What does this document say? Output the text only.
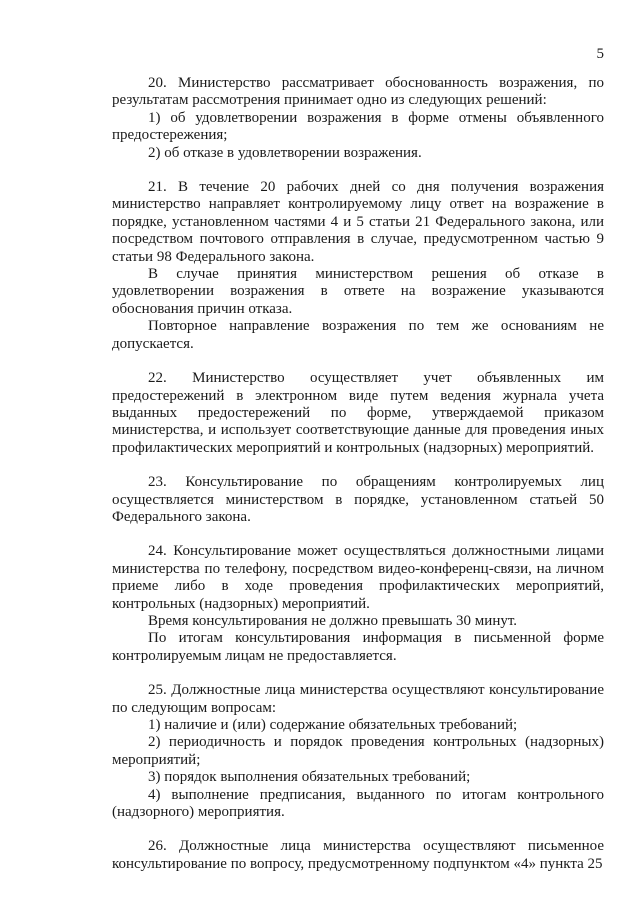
5

20. Министерство рассматривает обоснованность возражения, по результатам рассмотрения принимает одно из следующих решений:

1) об удовлетворении возражения в форме отмены объявленного предостережения;

2) об отказе в удовлетворении возражения.

21. В течение 20 рабочих дней со дня получения возражения министерство направляет контролируемому лицу ответ на возражение в порядке, установленном частями 4 и 5 статьи 21 Федерального закона, или посредством почтового отправления в случае, предусмотренном частью 9 статьи 98 Федерального закона.

В случае принятия министерством решения об отказе в удовлетворении возражения в ответе на возражение указываются обоснования причин отказа.

Повторное направление возражения по тем же основаниям не допускается.

22. Министерство осуществляет учет объявленных им предостережений в электронном виде путем ведения журнала учета выданных предостережений по форме, утверждаемой приказом министерства, и использует соответствующие данные для проведения иных профилактических мероприятий и контрольных (надзорных) мероприятий.

23. Консультирование по обращениям контролируемых лиц осуществляется министерством в порядке, установленном статьей 50 Федерального закона.

24. Консультирование может осуществляться должностными лицами министерства по телефону, посредством видео-конференц-связи, на личном приеме либо в ходе проведения профилактических мероприятий, контрольных (надзорных) мероприятий.

Время консультирования не должно превышать 30 минут.

По итогам консультирования информация в письменной форме контролируемым лицам не предоставляется.

25. Должностные лица министерства осуществляют консультирование по следующим вопросам:

1) наличие и (или) содержание обязательных требований;

2) периодичность и порядок проведения контрольных (надзорных) мероприятий;

3) порядок выполнения обязательных требований;

4) выполнение предписания, выданного по итогам контрольного (надзорного) мероприятия.

26. Должностные лица министерства осуществляют письменное консультирование по вопросу, предусмотренному подпунктом «4» пункта 25
